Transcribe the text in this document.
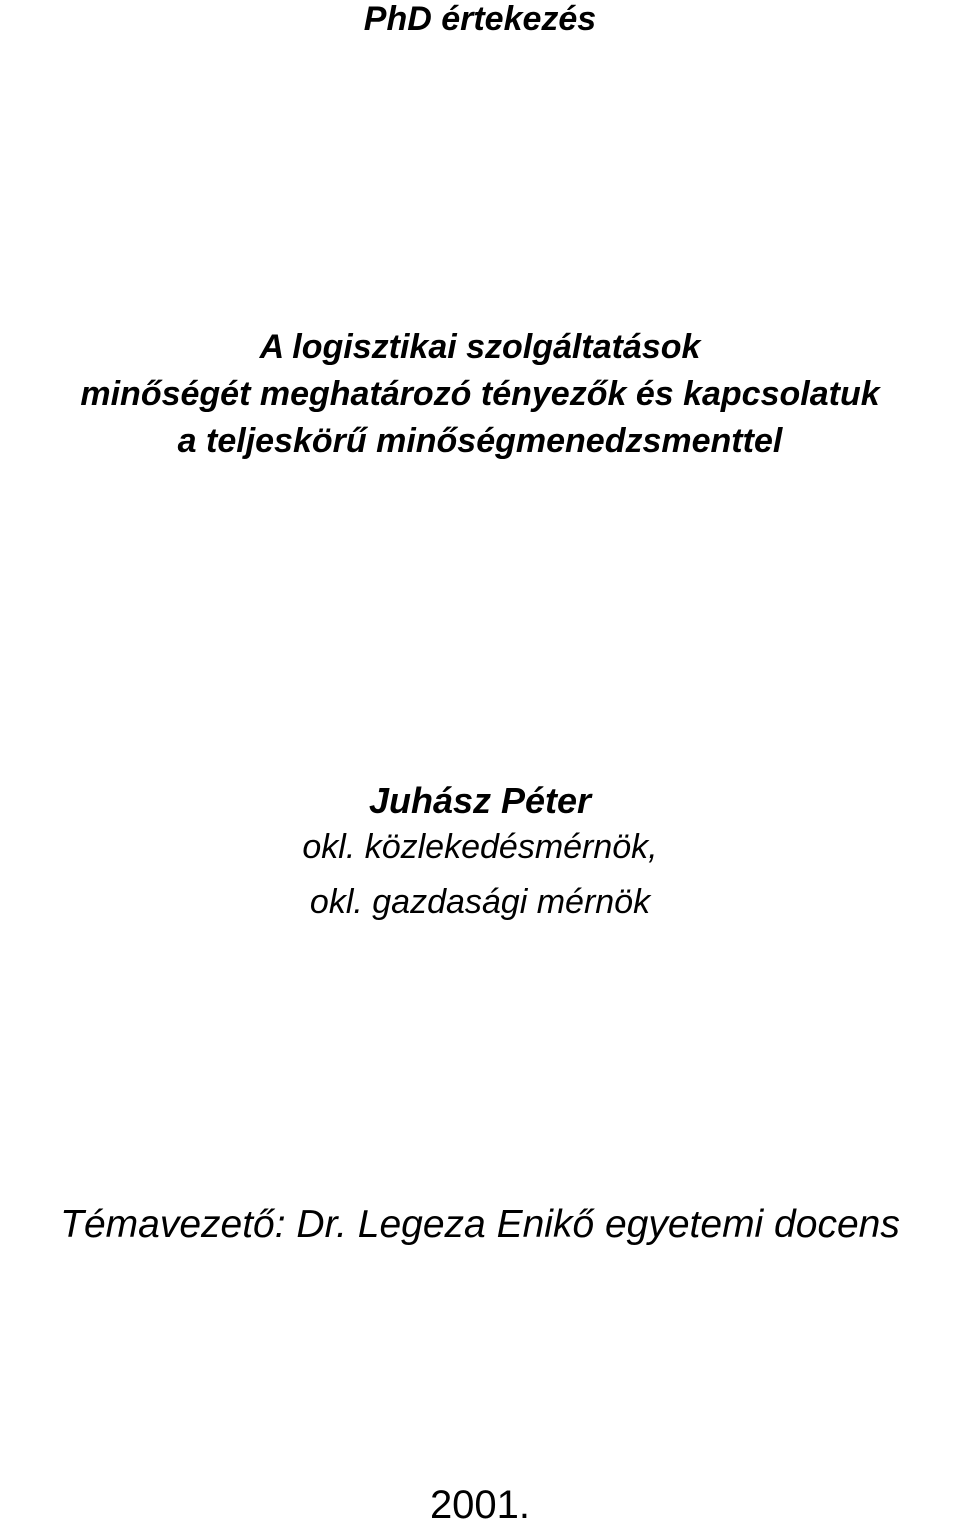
PhD értekezés
A logisztikai szolgáltatások
minőségét meghatározó tényezők és kapcsolatuk
a teljeskörű minőségmenedzsmenttel
Juhász Péter
okl. közlekedésmérnök,
okl. gazdasági mérnök
Témavezető: Dr. Legeza Enikő egyetemi docens
2001.
